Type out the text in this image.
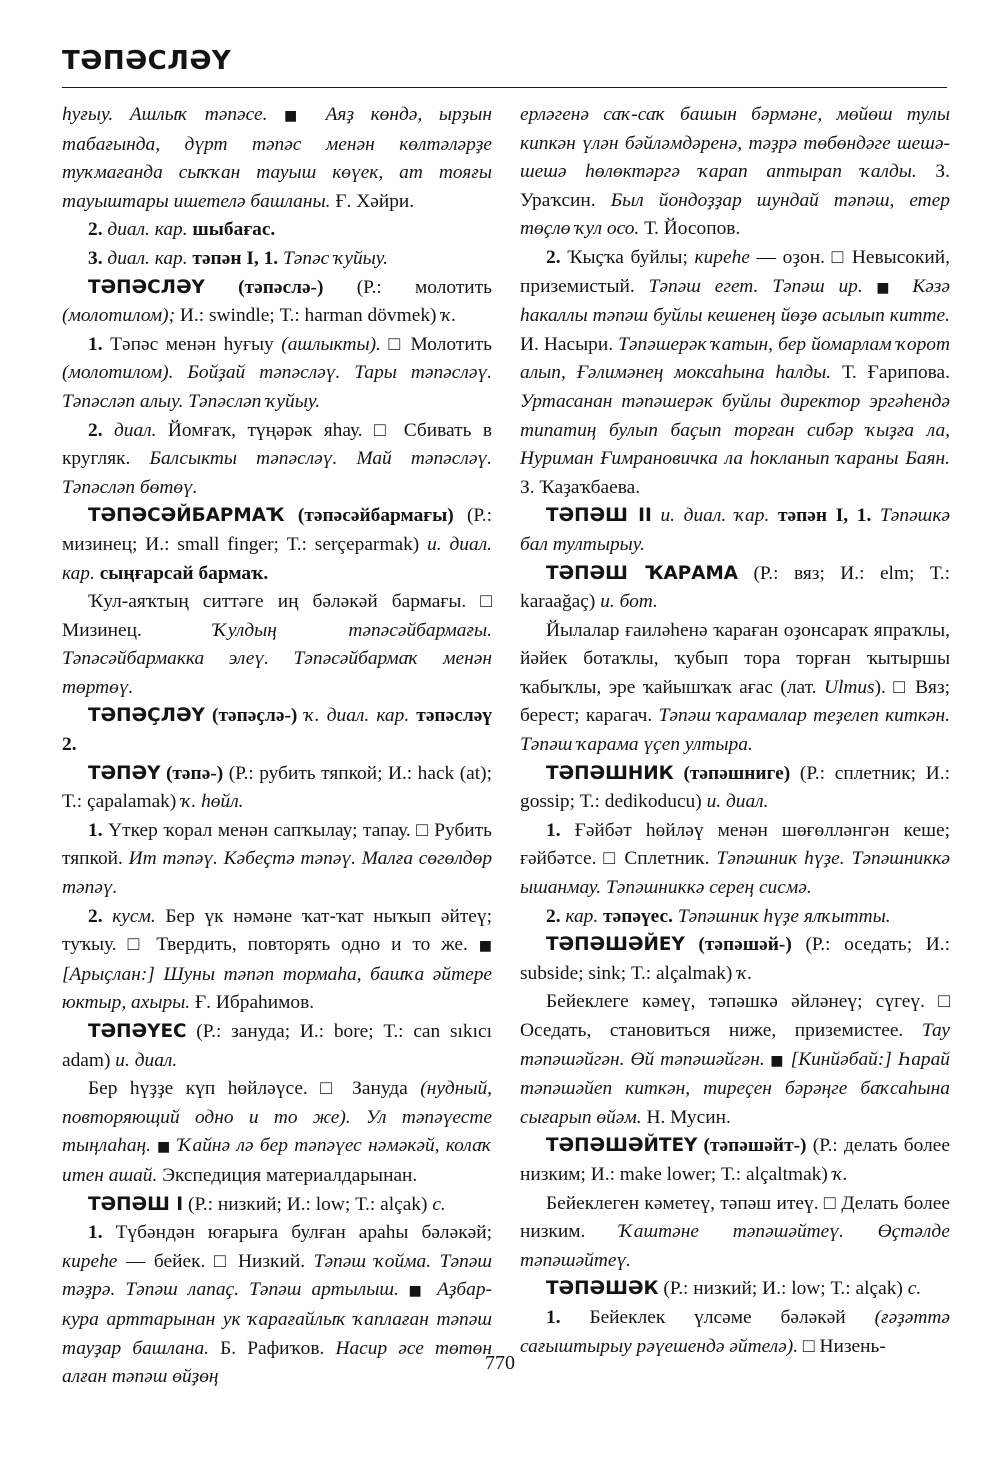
ТӘПӘСЛӘҮ

һуғыу. Ашлыҡ тәпәсе. ■ Аяҙ көндә, ырҙын табағында, дүрт тәпәс менән көлтәләрҙе туҡмағанда сыҡҡан тауыш көүек, ат тояғы тауыштары ишетелә башланы. Ғ. Хәйри.

2. диал. кар. шыбағас.

3. диал. кар. тәпән I, 1. Тәпәс ҡуйыу.

ТӘПӘСЛӘҮ (тәпәслә-) (Р.: молотить (молотилом); И.: swindle; Т.: harman dövmek) ҡ.

1. Тәпәс менән һуғыу (ашлыкты). □ Молотить (молотилом). Бойҙай тәпәсләү. Тары тәпәсләү. Тәпәсләп алыу. Тәпәсләп ҡуйыу.

2. диал. Йомғаҡ, түңәрәк яһау. □ Сбивать в кругляк. Балсыкты тәпәсләү. Май тәпәсләү. Тәпәсләп бөтөү.

ТӘПӘСӘЙБАРМАҠ (тәпәсәйбармағы) (Р.: мизинец; И.: small finger; Т.: serçeparmak) и. диал. кар. сыңғарсай бармаҡ.

Ҡул-аяҡтың ситтәге иң бәләкәй бармағы. □ Мизинец. Ҡулдың тәпәсәйбармағы. Тәпәсәйбармакка элеү. Тәпәсәйбармаҡ менән төртөү.

ТӘПӘҪЛӘҮ (тәпәҫлә-) ҡ. диал. кар. тәпәсләү 2.

ТӘПӘҮ (тәпә-) (Р.: рубить тяпкой; И.: hack (at); Т.: çapalamak) ҡ. һөйл.

1. Үткер ҡорал менән сапҡылау; тапау. □ Рубить тяпкой. Ит тәпәү. Кәбеҫтә тәпәү. Малға сөгөлдөр тәпәү.

2. кусм. Бер үк нәмәне ҡат-ҡат ныҡып әйтеү; туҡыу. □ Твердить, повторять одно и то же. ■ [Арыҫлан:] Шуны тәпәп тормаһа, башҡа әйтере юктыр, ахыры. Ғ. Ибраһимов.

ТӘПӘҮЕС (Р.: зануда; И.: bore; Т.: can sıkıcı adam) и. диал.

Бер һүҙҙе күп һөйләүсе. □ Зануда (нудный, повторяющий одно и то же). Ул тәпәүесте тыңлаһаң. ■ Ҡайнә лә бер тәпәүес нәмәкәй, колаҡ итен ашай. Экспедиция материалдарынан.

ТӘПӘШ I (Р.: низкий; И.: low; Т.: alçak) с.

1. Түбәндән юғарыға булған араһы бәләкәй; киреһе — бейек. □ Низкий. Тәпәш ҡойма. Тәпәш тәҙрә. Тәпәш лапаҫ. Тәпәш артылыш. ■ Аҙбар-кура арттарынан ук ҡарағайлыҡ ҡаплаған тәпәш тауҙар башлана. Б. Рафиҡов. Насир әсе төтөн алған тәпәш өйҙөң

ерләгенә саҡ-саҡ башын бәрмәне, мөйөш тулы кипкән үлән бәйләмдәренә, тәҙрә төбөндәге шешә-шешә һөлөктәргә ҡарап аптырап ҡалды. З. Ураҡсин. Был йондоҙҙар шундай тәпәш, етер төҫлө ҡул осо. Т. Йосопов.

2. Ҡыҫҡа буйлы; киреһе — оҙон. □ Невысокий, приземистый. Тәпәш егет. Тәпәш ир. ■ Кәзә һакаллы тәпәш буйлы кешенең йөҙө асылып китте. И. Насыри. Тәпәшерәк ҡатын, бер йомарлам ҡорот алып, Ғәлимәнең моксаһына һалды. Т. Ғарипова. Уртасанан тәпәшерәк буйлы директор эргәһендә типатиң булып баҫып торған сибәр ҡыҙға ла, Нуриман Ғимрановичка ла һокланып ҡараны Баян. З. Ҡаҙаҡбаева.

ТӘПӘШ II и. диал. ҡар. тәпән I, 1. Тәпәшкә бал тултырыу.

ТӘПӘШ ҠАРАМА (Р.: вяз; И.: elm; Т.: karaağaç) и. бот.

Йылалар ғаиләһенә ҡараған оҙонсараҡ япраҡлы, йәйек ботаҡлы, ҡубып тора торған ҡытыршы ҡабыҡлы, эре ҡайышҡаҡ ағас (лат. Ulmus). □ Вяз; берест; карагач. Тәпәш ҡарамалар теҙелеп киткән. Тәпәш ҡарама үҫеп ултыра.

ТӘПӘШНИК (тәпәшниге) (Р.: сплетник; И.: gossip; Т.: dedikoducu) и. диал.

1. Ғәйбәт һөйләү менән шөғөлләнгән кеше; ғәйбәтсе. □ Сплетник. Тәпәшник һүҙе. Тәпәшниккә ышанмау. Тәпәшниккә серең сисмә.

2. кар. тәпәүес. Тәпәшник һүҙе ялҡытты.

ТӘПӘШӘЙЕҮ (тәпәшәй-) (Р.: оседать; И.: subside; sink; Т.: alçalmak) ҡ.

Бейеклеге кәмеү, тәпәшкә әйләнеү; сүгеү. □ Оседать, становиться ниже, приземистее. Тау тәпәшәйгән. Өй тәпәшәйгән. ■ [Кинйәбай:] Һарай тәпәшәйеп киткән, тиреҫен бәрәңге баҡсаһына сығарып өйәм. Н. Мусин.

ТӘПӘШӘЙТЕҮ (тәпәшәйт-) (Р.: делать более низким; И.: make lower; Т.: alçaltmak) ҡ.

Бейеклеген кәметеү, тәпәш итеү. □ Делать более низким. Ҡаштәне тәпәшәйтеү. Өҫтәлде тәпәшәйтеү.

ТӘПӘШӘК (Р.: низкий; И.: low; Т.: alçak) с.

1. Бейеклек үлсәме бәләкәй (ғәҙәттә сағыштырыу рәүешендә әйтелә). □ Низень-

770
